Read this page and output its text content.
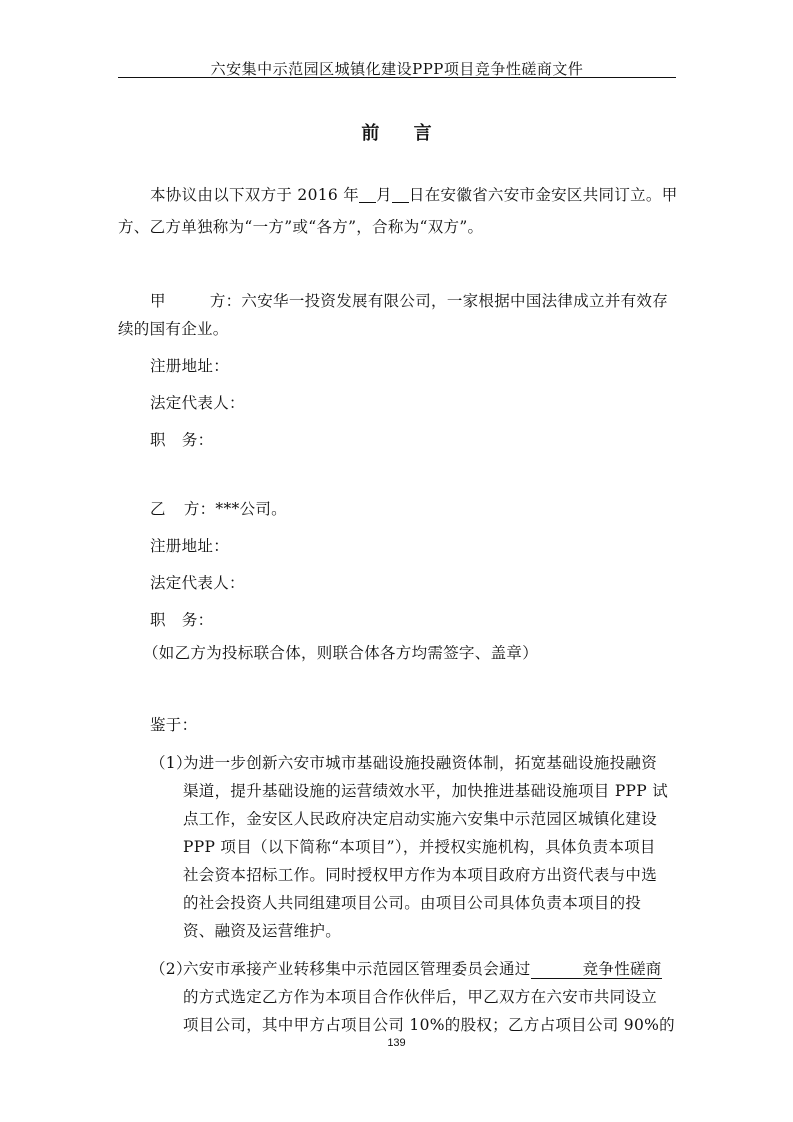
六安集中示范园区城镇化建设PPP项目竞争性磋商文件
前 言
本协议由以下双方于 2016 年 月 日在安徽省六安市金安区共同订立。甲
方、乙方单独称为“一方”或“各方”，合称为“双方”。
甲	方：六安华一投资发展有限公司，一家根据中国法律成立并有效存
续的国有企业。
注册地址：
法定代表人：
职 务：
乙 方：***公司。
注册地址：
法定代表人：
职 务：
（如乙方为投标联合体，则联合体各方均需签字、盖章）
鉴于：
（1）
为进一步创新六安市城市基础设施投融资体制，拓宽基础设施投融资
渠道，提升基础设施的运营绩效水平，加快推进基础设施项目 PPP 试
点工作，金安区人民政府决定启动实施六安集中示范园区城镇化建设
PPP 项目（以下简称“本项目”），并授权实施机构，具体负责本项目
社会资本招标工作。同时授权甲方作为本项目政府方出资代表与中选
的社会投资人共同组建项目公司。由项目公司具体负责本项目的投
资、融资及运营维护。
（2）
六安市承接产业转移集中示范园区管理委员会通过	竞争性磋商
的方式选定乙方作为本项目合作伙伴后，甲乙双方在六安市共同设立
项目公司，其中甲方占项目公司 10%的股权；乙方占项目公司 90%的
139
